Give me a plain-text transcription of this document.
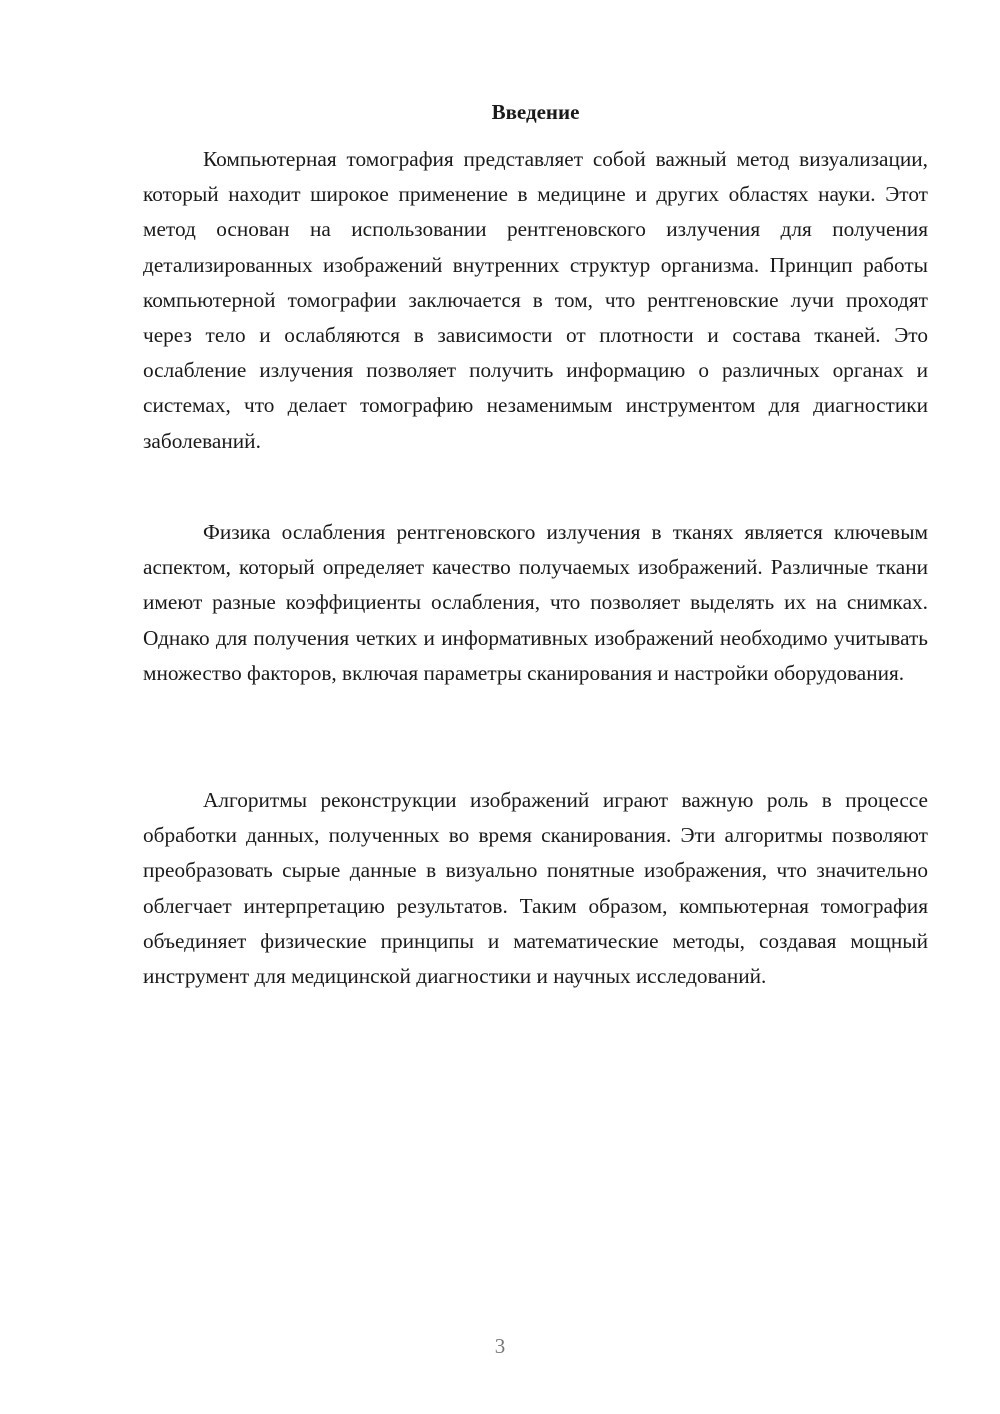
Введение

Компьютерная томография представляет собой важный метод визуализации, который находит широкое применение в медицине и других областях науки. Этот метод основан на использовании рентгеновского излучения для получения детализированных изображений внутренних структур организма. Принцип работы компьютерной томографии заключается в том, что рентгеновские лучи проходят через тело и ослабляются в зависимости от плотности и состава тканей. Это ослабление излучения позволяет получить информацию о различных органах и системах, что делает томографию незаменимым инструментом для диагностики заболеваний.

Физика ослабления рентгеновского излучения в тканях является ключевым аспектом, который определяет качество получаемых изображений. Различные ткани имеют разные коэффициенты ослабления, что позволяет выделять их на снимках. Однако для получения четких и информативных изображений необходимо учитывать множество факторов, включая параметры сканирования и настройки оборудования.

Алгоритмы реконструкции изображений играют важную роль в процессе обработки данных, полученных во время сканирования. Эти алгоритмы позволяют преобразовать сырые данные в визуально понятные изображения, что значительно облегчает интерпретацию результатов. Таким образом, компьютерная томография объединяет физические принципы и математические методы, создавая мощный инструмент для медицинской диагностики и научных исследований.

3
